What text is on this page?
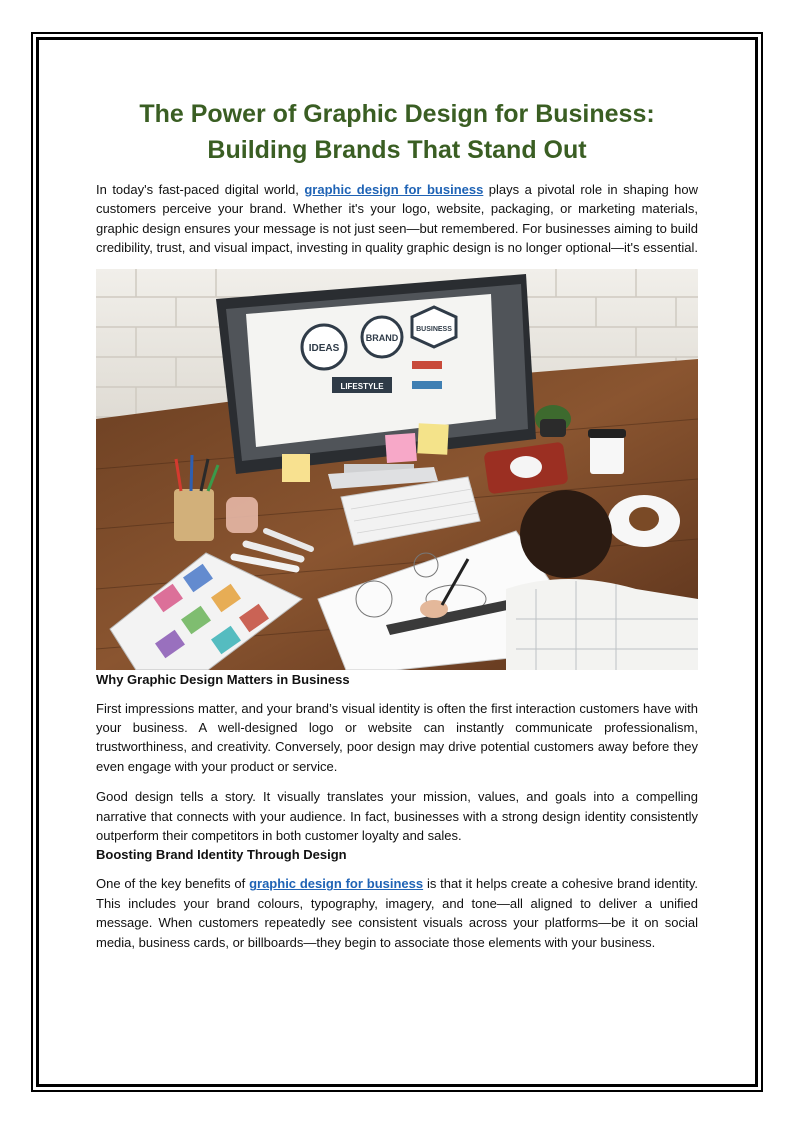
The Power of Graphic Design for Business: Building Brands That Stand Out

In today's fast-paced digital world, graphic design for business plays a pivotal role in shaping how customers perceive your brand. Whether it's your logo, website, packaging, or marketing materials, graphic design ensures your message is not just seen—but remembered. For businesses aiming to build credibility, trust, and visual impact, investing in quality graphic design is no longer optional—it's essential.

IDEAS
BRAND
BUSINESS
LIFESTYLE
Why Graphic Design Matters in Business

First impressions matter, and your brand’s visual identity is often the first interaction customers have with your business. A well-designed logo or website can instantly communicate professionalism, trustworthiness, and creativity. Conversely, poor design may drive potential customers away before they even engage with your product or service.

Good design tells a story. It visually translates your mission, values, and goals into a compelling narrative that connects with your audience. In fact, businesses with a strong design identity consistently outperform their competitors in both customer loyalty and sales.

Boosting Brand Identity Through Design

One of the key benefits of graphic design for business is that it helps create a cohesive brand identity. This includes your brand colours, typography, imagery, and tone—all aligned to deliver a unified message. When customers repeatedly see consistent visuals across your platforms—be it on social media, business cards, or billboards—they begin to associate those elements with your business.
